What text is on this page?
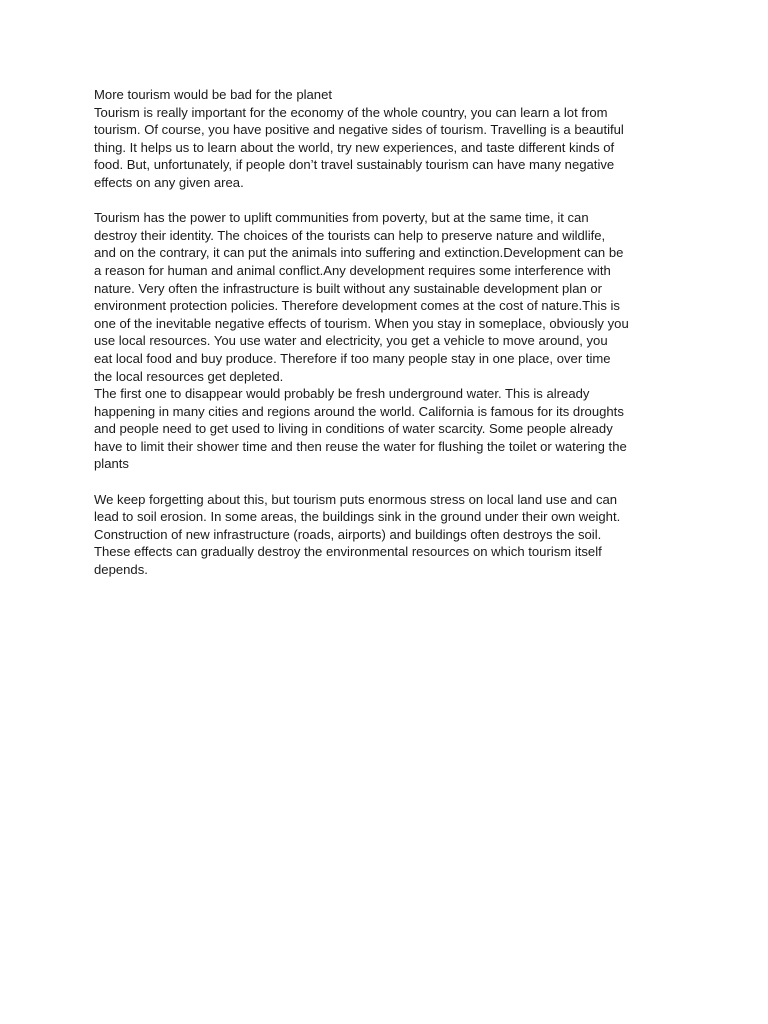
More tourism would be bad for the planet

Tourism is really important for the economy of the whole country, you can learn a lot from
tourism. Of course, you have positive and negative sides of tourism. Travelling is a beautiful
thing. It helps us to learn about the world, try new experiences, and taste different kinds of
food. But, unfortunately, if people don’t travel sustainably tourism can have many negative
effects on any given area.

Tourism has the power to uplift communities from poverty, but at the same time, it can
destroy their identity. The choices of the tourists can help to preserve nature and wildlife,
and on the contrary, it can put the animals into suffering and extinction.Development can be
a reason for human and animal conflict.Any development requires some interference with
nature. Very often the infrastructure is built without any sustainable development plan or
environment protection policies. Therefore development comes at the cost of nature.This is
one of the inevitable negative effects of tourism. When you stay in someplace, obviously you
use local resources. You use water and electricity, you get a vehicle to move around, you
eat local food and buy produce. Therefore if too many people stay in one place, over time
the local resources get depleted.

The first one to disappear would probably be fresh underground water. This is already
happening in many cities and regions around the world. California is famous for its droughts
and people need to get used to living in conditions of water scarcity. Some people already
have to limit their shower time and then reuse the water for flushing the toilet or watering the
plants

We keep forgetting about this, but tourism puts enormous stress on local land use and can
lead to soil erosion. In some areas, the buildings sink in the ground under their own weight.
Construction of new infrastructure (roads, airports) and buildings often destroys the soil.
These effects can gradually destroy the environmental resources on which tourism itself
depends.
